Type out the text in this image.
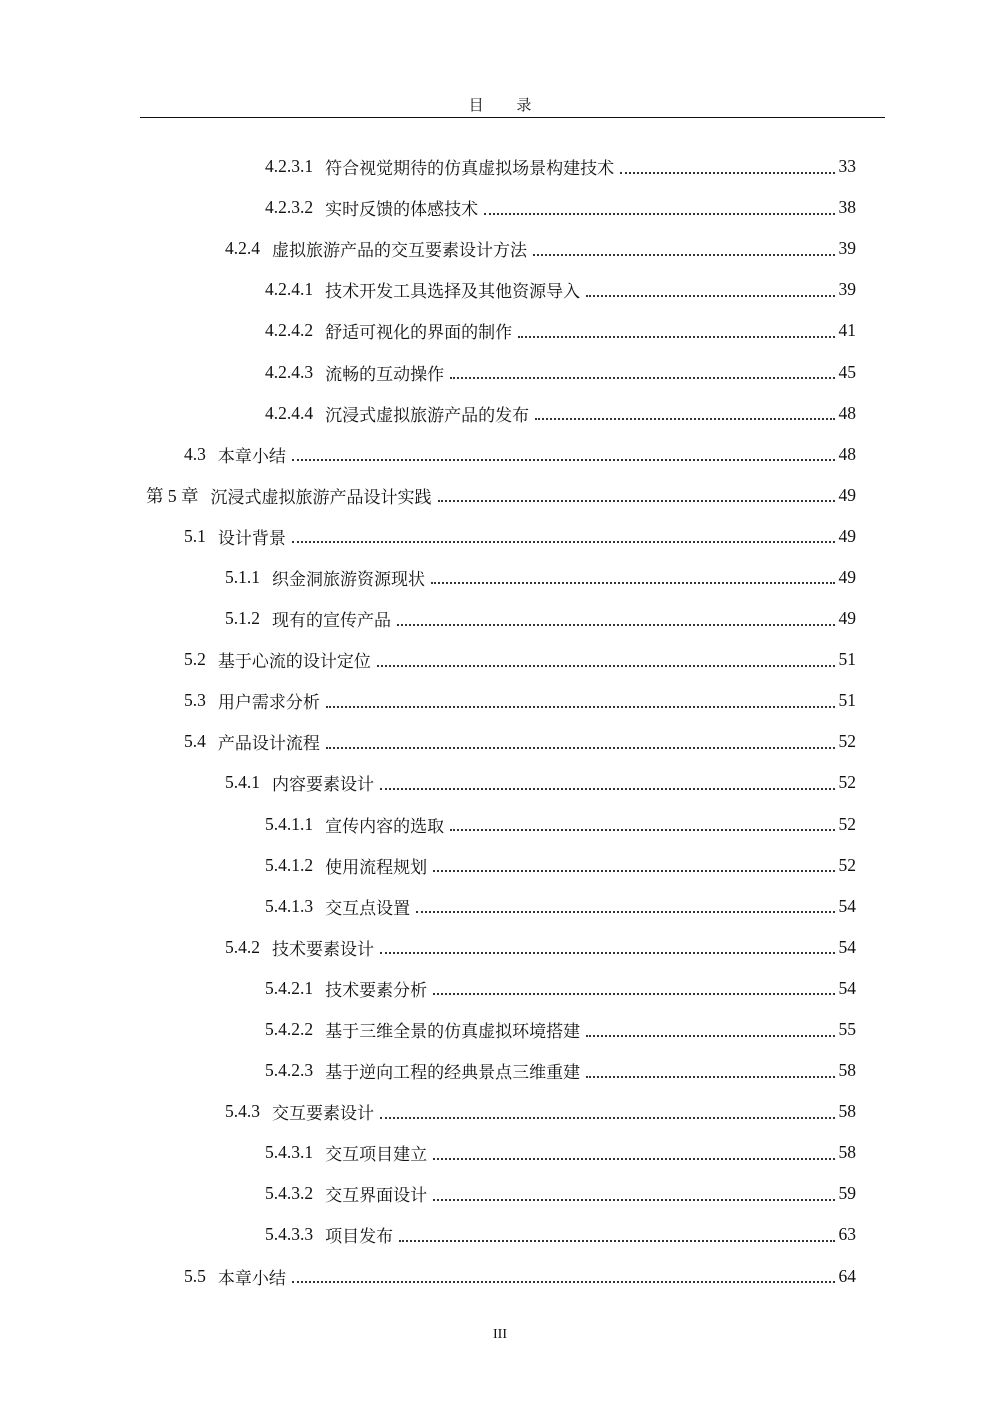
目 录
4.2.3.1 符合视觉期待的仿真虚拟场景构建技术	33
4.2.3.2 实时反馈的体感技术	38
4.2.4 虚拟旅游产品的交互要素设计方法	39
4.2.4.1 技术开发工具选择及其他资源导入	39
4.2.4.2 舒适可视化的界面的制作	41
4.2.4.3 流畅的互动操作	45
4.2.4.4 沉浸式虚拟旅游产品的发布	48
4.3 本章小结	48
第 5 章 沉浸式虚拟旅游产品设计实践	49
5.1 设计背景	49
5.1.1 织金洞旅游资源现状	49
5.1.2 现有的宣传产品	49
5.2 基于心流的设计定位	51
5.3 用户需求分析	51
5.4 产品设计流程	52
5.4.1 内容要素设计	52
5.4.1.1 宣传内容的选取	52
5.4.1.2 使用流程规划	52
5.4.1.3 交互点设置	54
5.4.2 技术要素设计	54
5.4.2.1 技术要素分析	54
5.4.2.2 基于三维全景的仿真虚拟环境搭建	55
5.4.2.3 基于逆向工程的经典景点三维重建	58
5.4.3 交互要素设计	58
5.4.3.1 交互项目建立	58
5.4.3.2 交互界面设计	59
5.4.3.3 项目发布	63
5.5 本章小结	64
III
